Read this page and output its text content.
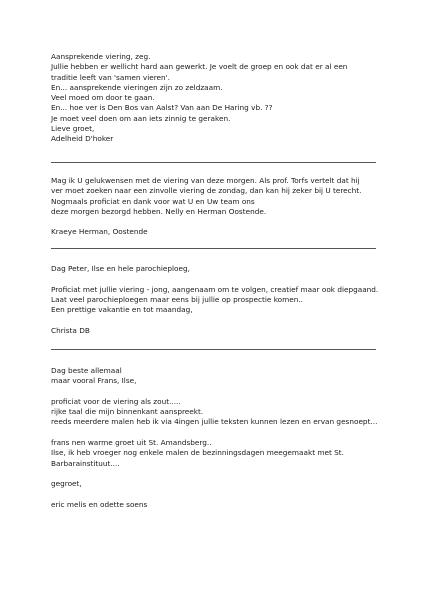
Aansprekende viering, zeg.
Jullie hebben er wellicht hard aan gewerkt. Je voelt de groep en ook dat er al een
traditie leeft van 'samen vieren'.
En... aansprekende vieringen zijn zo zeldzaam.
Veel moed om door te gaan.
En... hoe ver is Den Bos van Aalst? Van aan De Haring vb. ??
Je moet veel doen om aan iets zinnig te geraken.
Lieve groet,
Adelheid D'hoker
Mag ik U gelukwensen met de viering van deze morgen. Als prof. Torfs vertelt dat hij
ver moet zoeken naar een zinvolle viering de zondag, dan kan hij zeker bij U terecht.
Nogmaals proficiat en dank voor wat U en Uw team ons
deze morgen bezorgd hebben. Nelly en Herman Oostende.
Kraeye Herman, Oostende
Dag Peter, Ilse en hele parochieploeg,
Proficiat met jullie viering - jong, aangenaam om te volgen, creatief maar ook diepgaand.
Laat veel parochieploegen maar eens bij jullie op prospectie komen..
Een prettige vakantie en tot maandag,
Christa DB
Dag beste allemaal
maar vooral Frans, Ilse,
proficiat voor de viering als zout.....
rijke taal die mijn binnenkant aanspreekt.
reeds meerdere malen heb ik via 4ingen jullie teksten kunnen lezen en ervan gesnoept...
frans nen warme groet uit St. Amandsberg..
Ilse, ik heb vroeger nog enkele malen de bezinningsdagen meegemaakt met St.
Barbarainstituut....
gegroet,
eric melis en odette soens
